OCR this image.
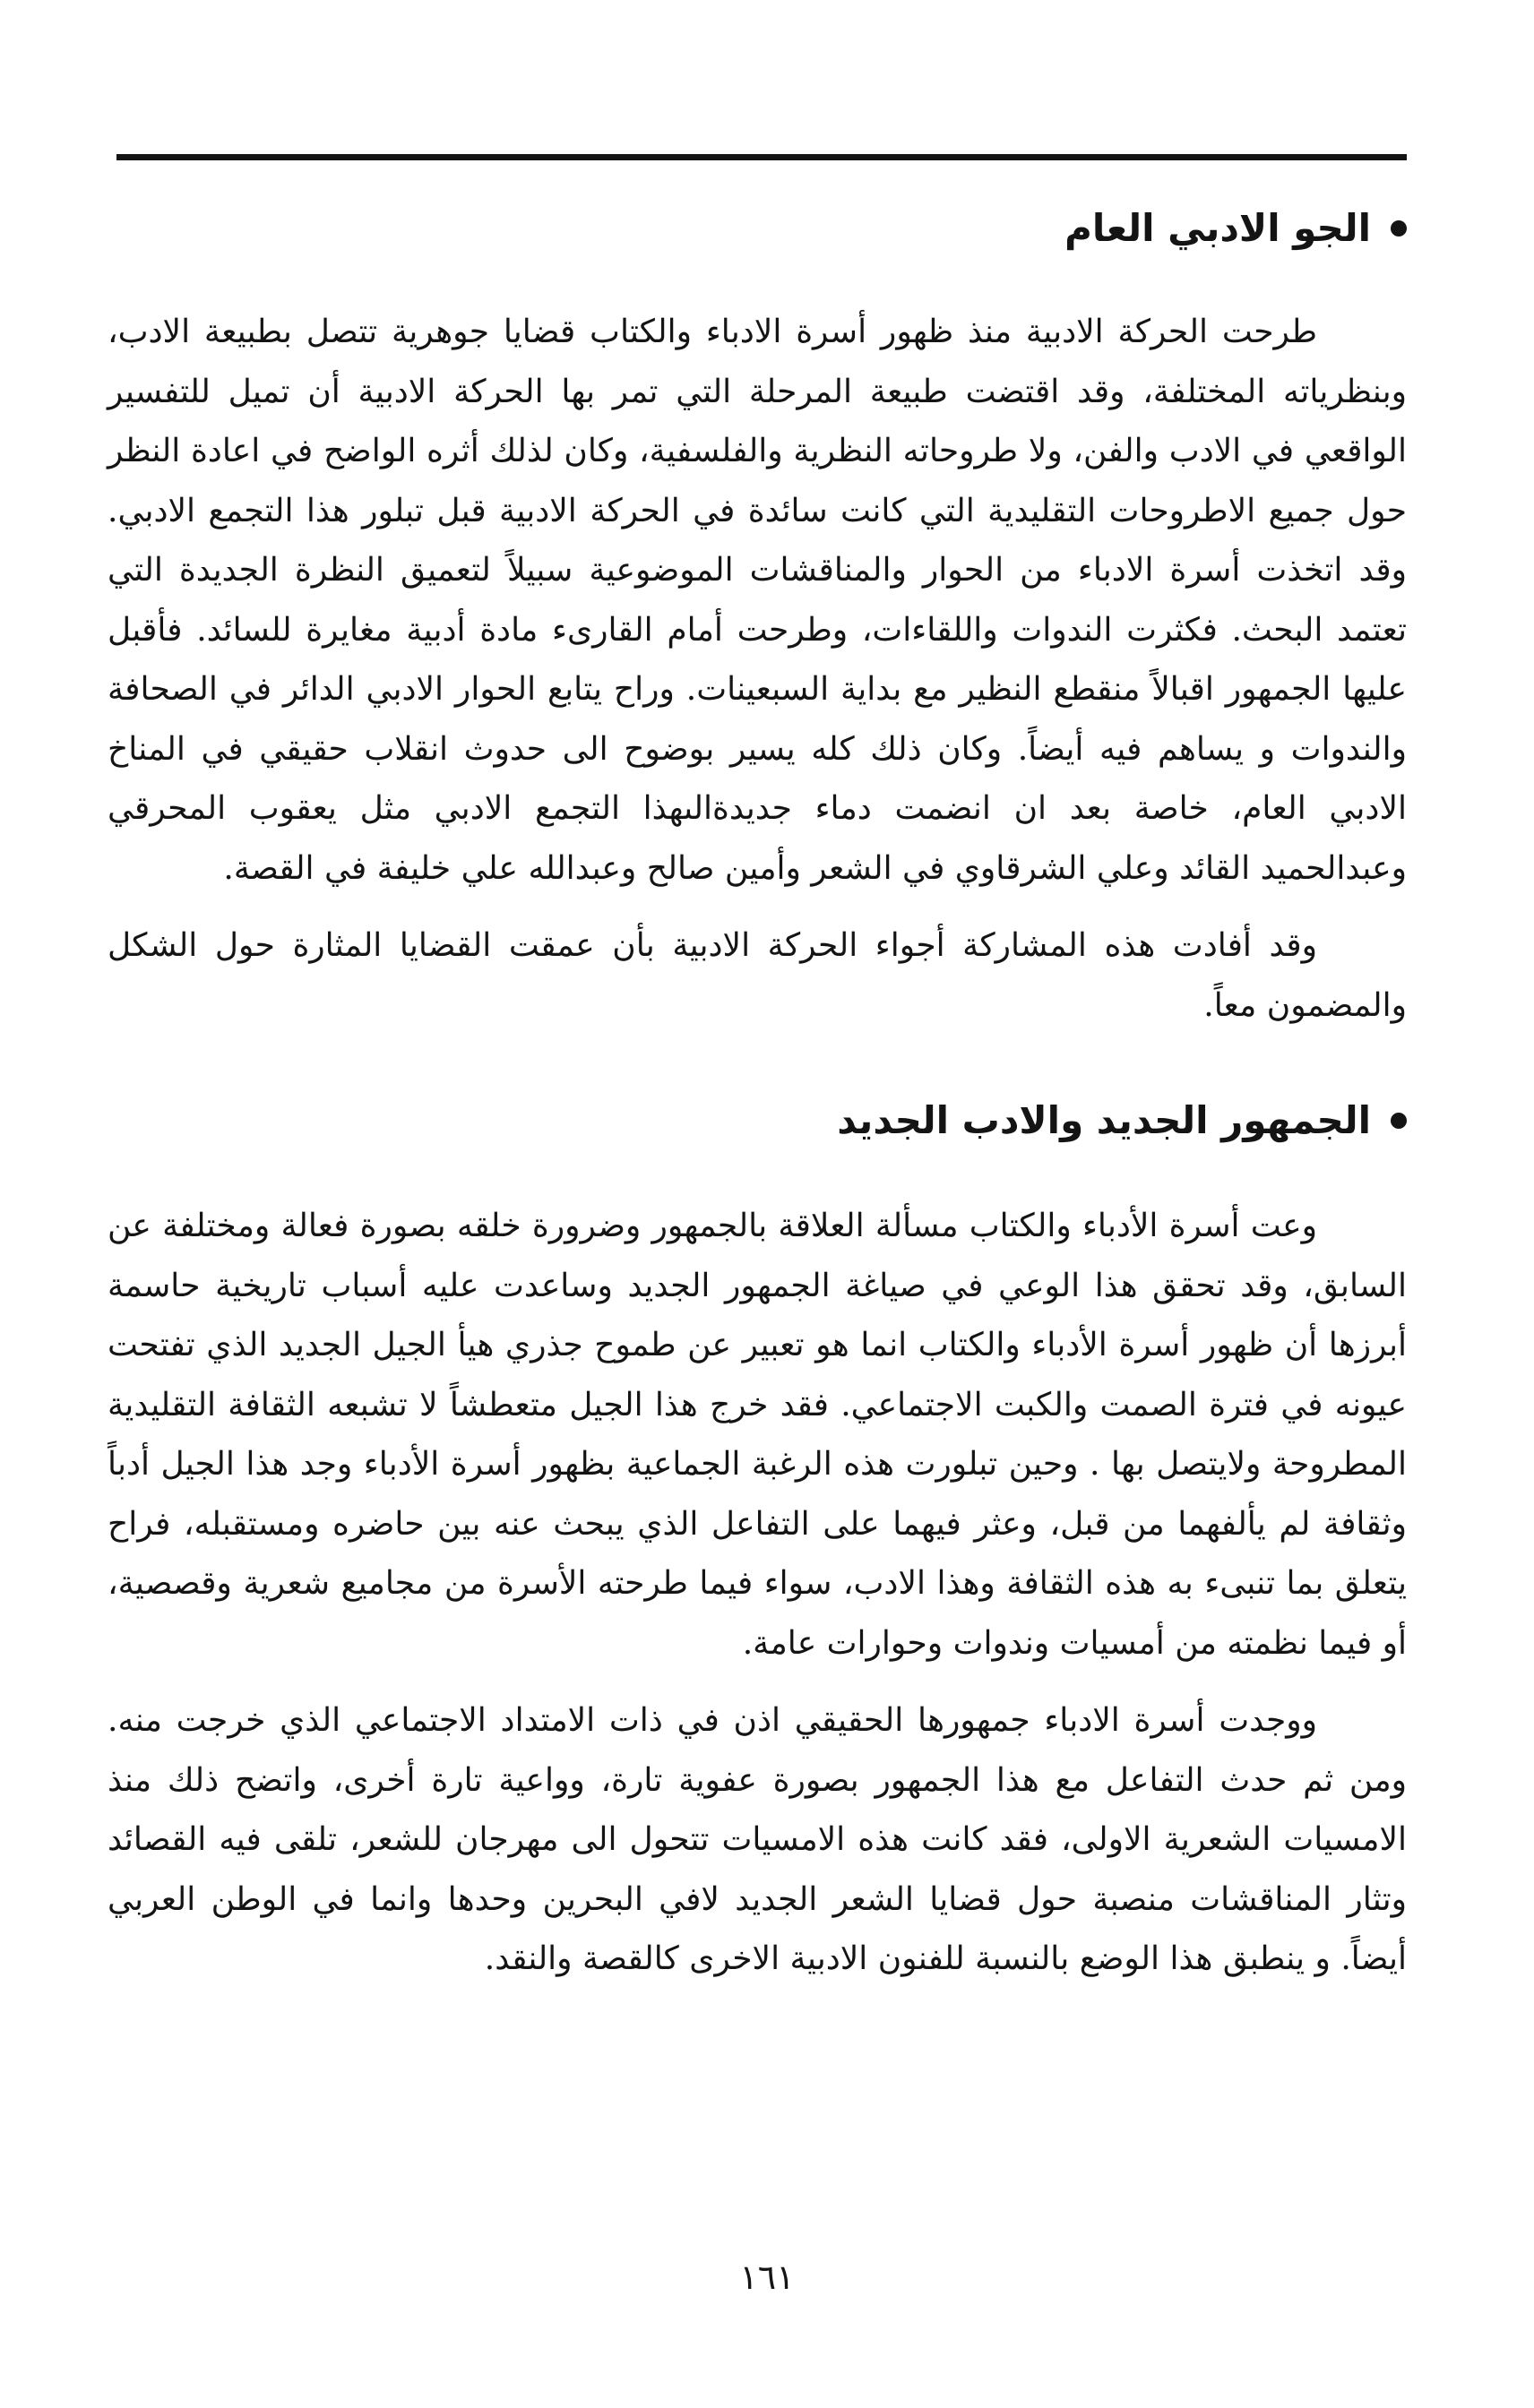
الجو الادبي العام

طرحت الحركة الادبية منذ ظهور أسرة الادباء والكتاب قضايا جوهرية تتصل بطبيعة الادب، وبنظرياته المختلفة، وقد اقتضت طبيعة المرحلة التي تمر بها الحركة الادبية أن تميل للتفسير الواقعي في الادب والفن، ولا طروحاته النظرية والفلسفية، وكان لذلك أثره الواضح في اعادة النظر حول جميع الاطروحات التقليدية التي كانت سائدة في الحركة الادبية قبل تبلور هذا التجمع الادبي. وقد اتخذت أسرة الادباء من الحوار والمناقشات الموضوعية سبيلاً لتعميق النظرة الجديدة التي تعتمد البحث. فكثرت الندوات واللقاءات، وطرحت أمام القارىء مادة أدبية مغايرة للسائد. فأقبل عليها الجمهور اقبالاً منقطع النظير مع بداية السبعينات. وراح يتابع الحوار الادبي الدائر في الصحافة والندوات و يساهم فيه أيضاً. وكان ذلك كله يسير بوضوح الى حدوث انقلاب حقيقي في المناخ الادبي العام، خاصة بعد ان انضمت دماء جديدةالىهذا التجمع الادبي مثل يعقوب المحرقي وعبدالحميد القائد وعلي الشرقاوي في الشعر وأمين صالح وعبدالله علي خليفة في القصة.

وقد أفادت هذه المشاركة أجواء الحركة الادبية بأن عمقت القضايا المثارة حول الشكل والمضمون معاً.

الجمهور الجديد والادب الجديد

وعت أسرة الأدباء والكتاب مسألة العلاقة بالجمهور وضرورة خلقه بصورة فعالة ومختلفة عن السابق، وقد تحقق هذا الوعي في صياغة الجمهور الجديد وساعدت عليه أسباب تاريخية حاسمة أبرزها أن ظهور أسرة الأدباء والكتاب انما هو تعبير عن طموح جذري هيأ الجيل الجديد الذي تفتحت عيونه في فترة الصمت والكبت الاجتماعي. فقد خرج هذا الجيل متعطشاً لا تشبعه الثقافة التقليدية المطروحة ولايتصل بها . وحين تبلورت هذه الرغبة الجماعية بظهور أسرة الأدباء وجد هذا الجيل أدباً وثقافة لم يألفهما من قبل، وعثر فيهما على التفاعل الذي يبحث عنه بين حاضره ومستقبله، فراح يتعلق بما تنبىء به هذه الثقافة وهذا الادب، سواء فيما طرحته الأسرة من مجاميع شعرية وقصصية، أو فيما نظمته من أمسيات وندوات وحوارات عامة.

ووجدت أسرة الادباء جمهورها الحقيقي اذن في ذات الامتداد الاجتماعي الذي خرجت منه. ومن ثم حدث التفاعل مع هذا الجمهور بصورة عفوية تارة، وواعية تارة أخرى، واتضح ذلك منذ الامسيات الشعرية الاولى، فقد كانت هذه الامسيات تتحول الى مهرجان للشعر، تلقى فيه القصائد وتثار المناقشات منصبة حول قضايا الشعر الجديد لافي البحرين وحدها وانما في الوطن العربي أيضاً. و ينطبق هذا الوضع بالنسبة للفنون الادبية الاخرى كالقصة والنقد.

١٦١
